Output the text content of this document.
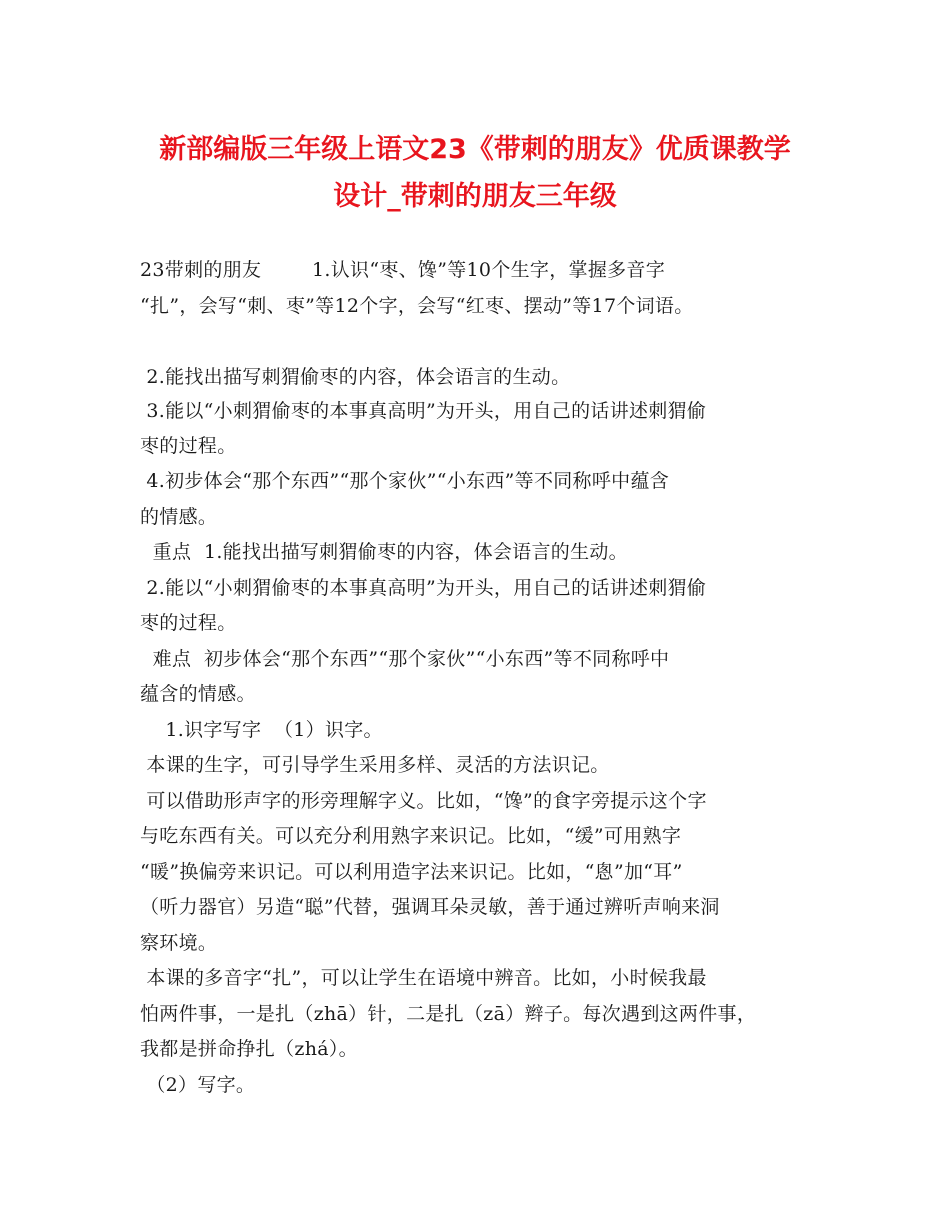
新部编版三年级上语文23《带刺的朋友》优质课教学
设计_带刺的朋友三年级
23带刺的朋友        1.认识“枣、馋”等10个生字，掌握多音字
“扎”，会写“刺、枣”等12个字，会写“红枣、摆动”等17个词语。
2.能找出描写刺猬偷枣的内容，体会语言的生动。
3.能以“小刺猬偷枣的本事真高明”为开头，用自己的话讲述刺猬偷
枣的过程。
4.初步体会“那个东西”“那个家伙”“小东西”等不同称呼中蕴含
的情感。
重点  1.能找出描写刺猬偷枣的内容，体会语言的生动。
2.能以“小刺猬偷枣的本事真高明”为开头，用自己的话讲述刺猬偷
枣的过程。
难点  初步体会“那个东西”“那个家伙”“小东西”等不同称呼中
蕴含的情感。
1.识字写字  （1）识字。
本课的生字，可引导学生采用多样、灵活的方法识记。
可以借助形声字的形旁理解字义。比如，“馋”的食字旁提示这个字
与吃东西有关。可以充分利用熟字来识记。比如，“缓”可用熟字
“暖”换偏旁来识记。可以利用造字法来识记。比如，“悤”加“耳”
（听力器官）另造“聪”代替，强调耳朵灵敏，善于通过辨听声响来洞
察环境。
本课的多音字“扎”，可以让学生在语境中辨音。比如，小时候我最
怕两件事，一是扎（zhā）针，二是扎（zā）辫子。每次遇到这两件事，
我都是拼命挣扎（zhá）。
（2）写字。
